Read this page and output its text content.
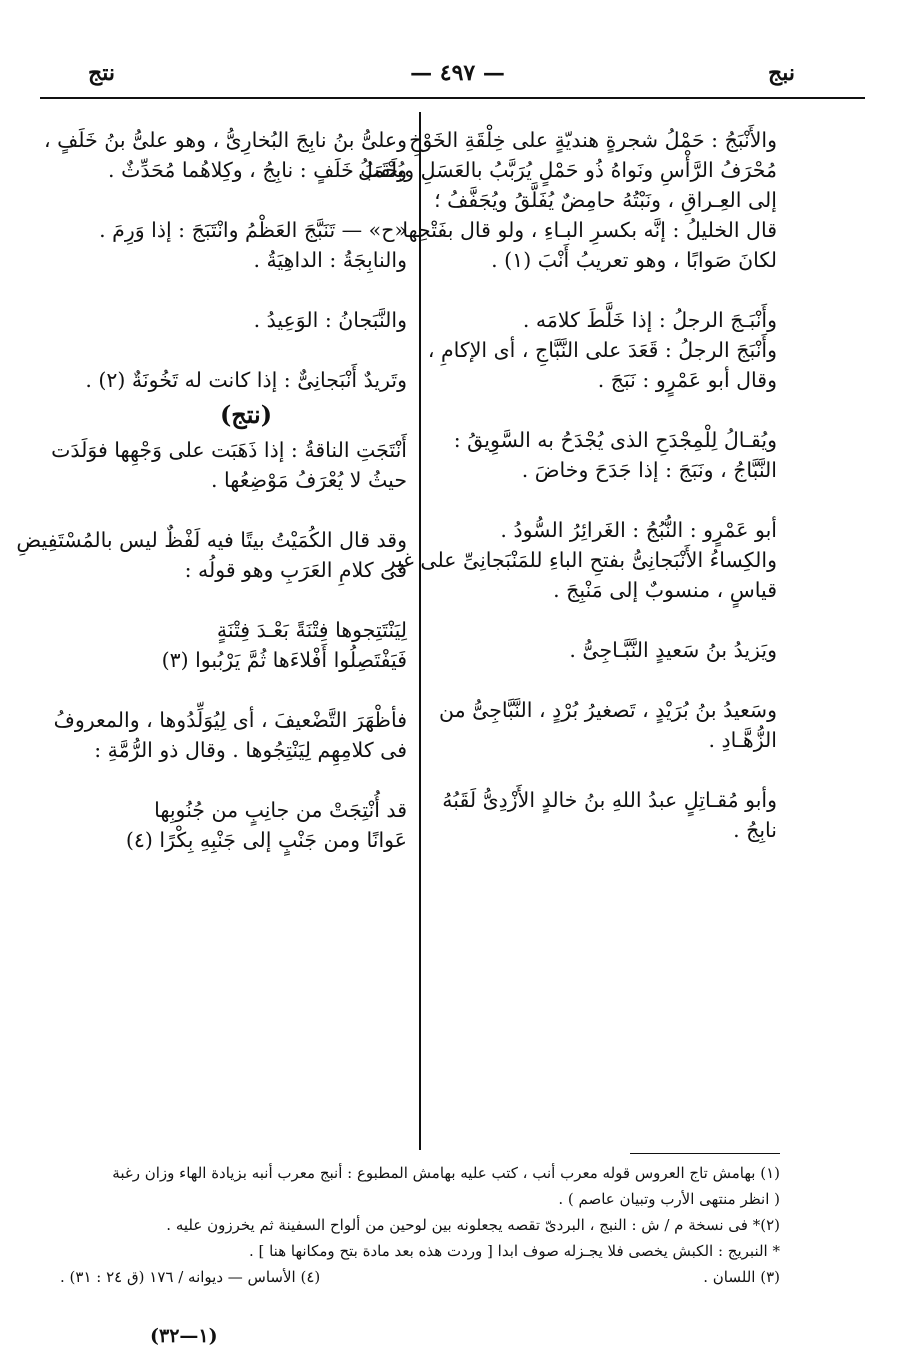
نبج
— ٤٩٧ —
نتج
والأَنْبَجُ : حَمْلُ شجرةٍ هنديّةٍ على خِلْقَةِ الخَوْخِ
مُحْرَفُ الرَّأْسِ ونَواهُ ذُو حَمْلٍ يُرَبَّبُ بالعَسَلِ ويُحْمَلُ
إلى العِـراقِ ، ونَبْتُهُ حامِضٌ يُفَلَّقُ ويُجَفَّفُ ؛
قال الخليلُ : إنَّه بكسرِ البـاءِ ، ولو قال بفَتْحِها
لكانَ صَوابًا ، وهو تعريبُ أَنْبَ (١) .

وأَنْبَـجَ الرجلُ : إذا خَلَّطَ كلامَه .
وأَنْبَجَ الرجلُ : قَعَدَ على النَّبَّاجِ ، أى الإكامِ ،
وقال أبو عَمْرٍو : نَبَجَ .

ويُقـالُ لِلْمِجْدَحِ الذى يُجْدَحُ به السَّوِيقُ :
النَّبَّاجُ ، ونَبَجَ : إذا جَدَحَ وخاضَ .

أبو عَمْرٍو : النُّبُجُ : الغَرائِرُ السُّودُ .
والكِساءُ الأَنْبَجانِىُّ بفتحِ الباءِ للمَنْبَجانِىِّ على غير
قياسٍ ، منسوبٌ إلى مَنْبِجَ .

ويَزيدُ بنُ سَعيدٍ النَّبَّـاجِىُّ .

وسَعيدُ بنُ بُرَيْدٍ ، تَصغيرُ بُرْدٍ ، النَّبَّاجِىُّ من
الزُّهَّـادِ .

وأبو مُقـاتِلٍ عبدُ اللهِ بنُ خالدٍ الأَزْدِىُّ لَقَبُهُ
نابِجُ .
وعلىُّ بنُ نابِجَ البُخارِىُّ ، وهو علىُّ بنُ خَلَفٍ ،
ولَقَبُ خَلَفٍ : نابِجُ ، وكِلاهُما مُحَدِّثٌ .

«ح» — تَنَبَّجَ العَظْمُ وانْتَبَجَ : إذا وَرِمَ .
والنابِجَةُ : الداهِيَةُ .

والنَّبَجانُ : الوَعِيدُ .

وتَريدٌ أَنْبَجانِىٌّ : إذا كانت له تَخُونَةٌ (٢) .
(نتج)
أَنْتَجَتِ الناقةُ : إذا ذَهَبَت على وَجْهِها فوَلَدَت
حيثُ لا يُعْرَفُ مَوْضِعُها .

وقد قال الكُمَيْتُ بيتًا فيه لَفْظٌ ليس بالمُسْتَفِيضِ
فى كلامِ العَرَبِ وهو قولُه :

لِيَنْتَتِجوها فِتْنَةً بَعْـدَ فِتْنَةٍ
فَيَفْتَصِلُوا أَفْلاءَها ثُمَّ يَرْبُبوا (٣)

فأظْهَرَ التَّضْعيفَ ، أى لِيُوَلِّدُوها ، والمعروفُ
فى كلامِهِم لِيَنْتِجُوها . وقال ذو الرُّمَّةِ :

قد أُنْتِجَتْ من جانِبٍ من جُنُوبِها
عَوانًا ومن جَنْبٍ إلى جَنْبِهِ بِكْرًا (٤)
(١) بهامش تاج العروس قوله معرب أنب ، كتب عليه بهامش المطبوع : أنبج معرب أنبه بزيادة الهاء وزان رغبة
( انظر منتهى الأرب وتبيان عاصم ) .
(٢)* فى نسخة م / ش : النبج ، البردىّ تقصه يجعلونه بين لوحين من ألواح السفينة ثم يخرزون عليه .
* النبريج : الكبش يخصى فلا يجـزله صوف ابدا [ وردت هذه بعد مادة بتح ومكانها هنا ] .
(٣) اللسان .
(٤) الأساس — ديوانه / ١٧٦ (ق ٢٤ : ٣١) .
(١—٣٢)
